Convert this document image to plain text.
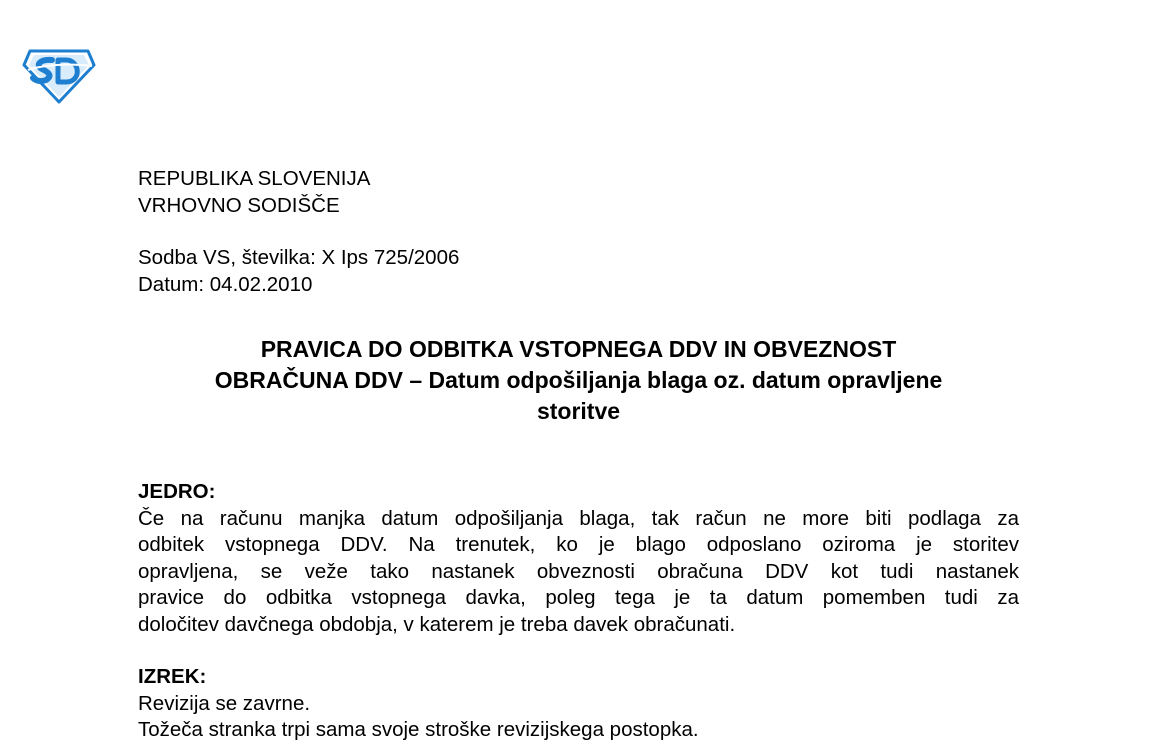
REPUBLIKA SLOVENIJA
VRHOVNO SODIŠČE
Sodba VS, številka: X Ips 725/2006
Datum: 04.02.2010
PRAVICA DO ODBITKA VSTOPNEGA DDV IN OBVEZNOST
OBRAČUNA DDV – Datum odpošiljanja blaga oz. datum opravljene
storitve
JEDRO:
Če na računu manjka datum odpošiljanja blaga, tak račun ne more biti podlaga za
odbitek vstopnega DDV. Na trenutek, ko je blago odposlano oziroma je storitev
opravljena, se veže tako nastanek obveznosti obračuna DDV kot tudi nastanek
pravice do odbitka vstopnega davka, poleg tega je ta datum pomemben tudi za
določitev davčnega obdobja, v katerem je treba davek obračunati.
IZREK:
Revizija se zavrne.
Tožeča stranka trpi sama svoje stroške revizijskega postopka.
